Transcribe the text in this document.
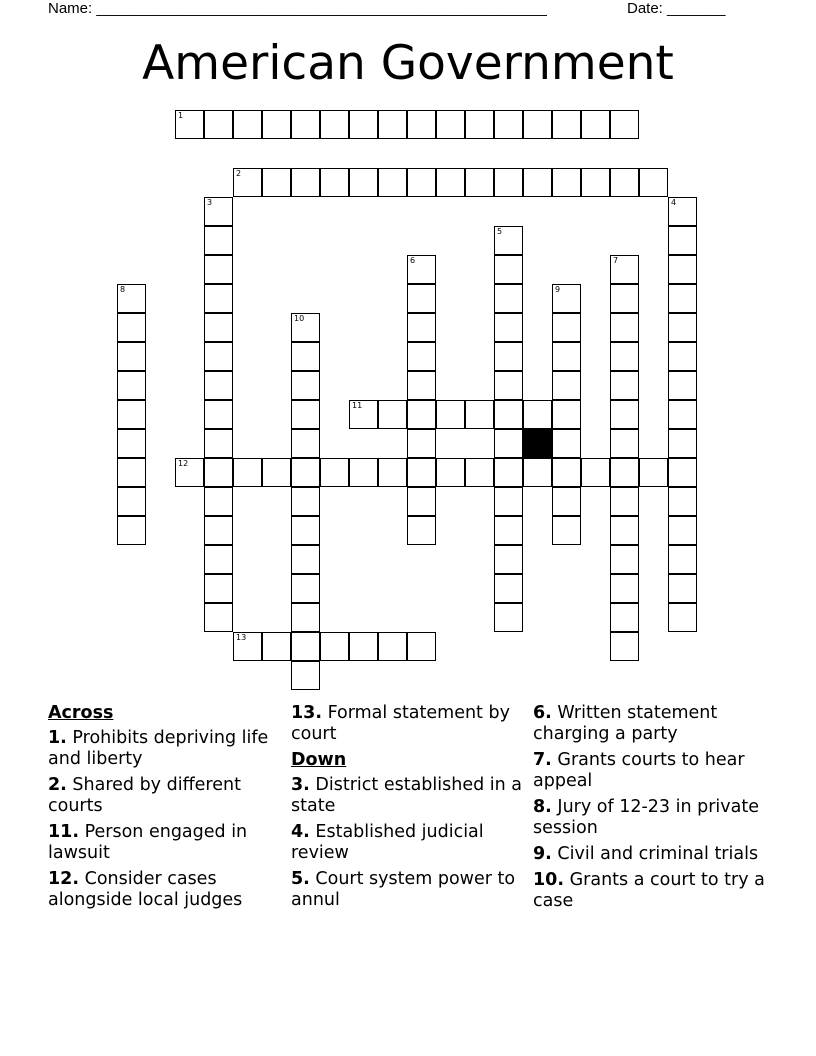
Name: ______________________________________________________	Date: _______
American Government
1
2
3	4
5
6	7
8	9
10
11
12
13
Across
1. Prohibits depriving life and liberty
2. Shared by different courts
11. Person engaged in lawsuit
12. Consider cases alongside local judges
13. Formal statement by court
Down
3. District established in a state
4. Established judicial review
5. Court system power to annul
6. Written statement charging a party
7. Grants courts to hear appeal
8. Jury of 12-23 in private session
9. Civil and criminal trials
10. Grants a court to try a case
